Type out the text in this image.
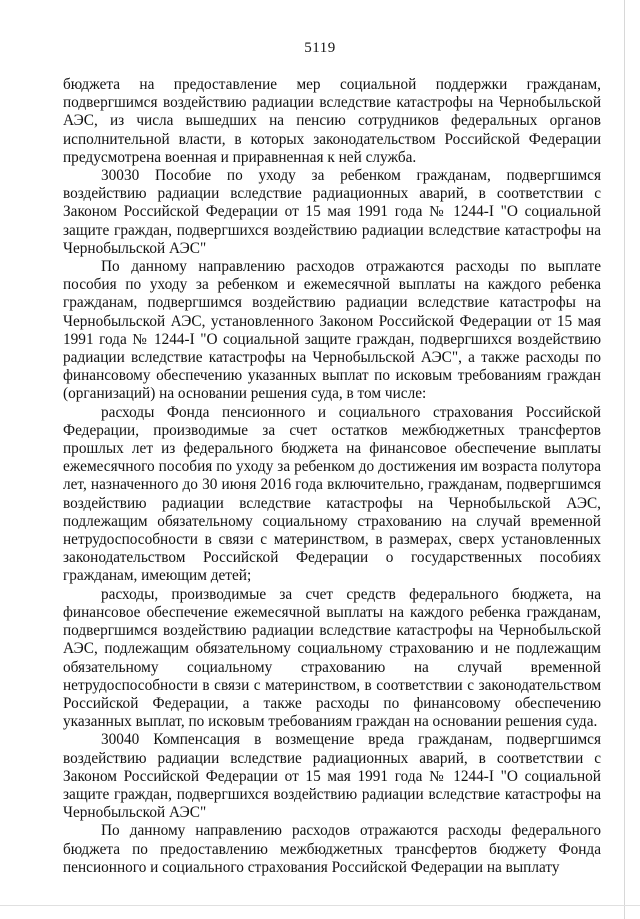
5119

бюджета на предоставление мер социальной поддержки гражданам, подвергшимся воздействию радиации вследствие катастрофы на Чернобыльской АЭС, из числа вышедших на пенсию сотрудников федеральных органов исполнительной власти, в которых законодательством Российской Федерации предусмотрена военная и приравненная к ней служба.

30030 Пособие по уходу за ребенком гражданам, подвергшимся воздействию радиации вследствие радиационных аварий, в соответствии с Законом Российской Федерации от 15 мая 1991 года № 1244-I "О социальной защите граждан, подвергшихся воздействию радиации вследствие катастрофы на Чернобыльской АЭС"

По данному направлению расходов отражаются расходы по выплате пособия по уходу за ребенком и ежемесячной выплаты на каждого ребенка гражданам, подвергшимся воздействию радиации вследствие катастрофы на Чернобыльской АЭС, установленного Законом Российской Федерации от 15 мая 1991 года № 1244-I "О социальной защите граждан, подвергшихся воздействию радиации вследствие катастрофы на Чернобыльской АЭС", а также расходы по финансовому обеспечению указанных выплат по исковым требованиям граждан (организаций) на основании решения суда, в том числе:

расходы Фонда пенсионного и социального страхования Российской Федерации, производимые за счет остатков межбюджетных трансфертов прошлых лет из федерального бюджета на финансовое обеспечение выплаты ежемесячного пособия по уходу за ребенком до достижения им возраста полутора лет, назначенного до 30 июня 2016 года включительно, гражданам, подвергшимся воздействию радиации вследствие катастрофы на Чернобыльской АЭС, подлежащим обязательному социальному страхованию на случай временной нетрудоспособности в связи с материнством, в размерах, сверх установленных законодательством Российской Федерации о государственных пособиях гражданам, имеющим детей;

расходы, производимые за счет средств федерального бюджета, на финансовое обеспечение ежемесячной выплаты на каждого ребенка гражданам, подвергшимся воздействию радиации вследствие катастрофы на Чернобыльской АЭС, подлежащим обязательному социальному страхованию и не подлежащим обязательному социальному страхованию на случай временной нетрудоспособности в связи с материнством, в соответствии с законодательством Российской Федерации, а также расходы по финансовому обеспечению указанных выплат, по исковым требованиям граждан на основании решения суда.

30040 Компенсация в возмещение вреда гражданам, подвергшимся воздействию радиации вследствие радиационных аварий, в соответствии с Законом Российской Федерации от 15 мая 1991 года № 1244-I "О социальной защите граждан, подвергшихся воздействию радиации вследствие катастрофы на Чернобыльской АЭС"

По данному направлению расходов отражаются расходы федерального бюджета по предоставлению межбюджетных трансфертов бюджету Фонда пенсионного и социального страхования Российской Федерации на выплату
